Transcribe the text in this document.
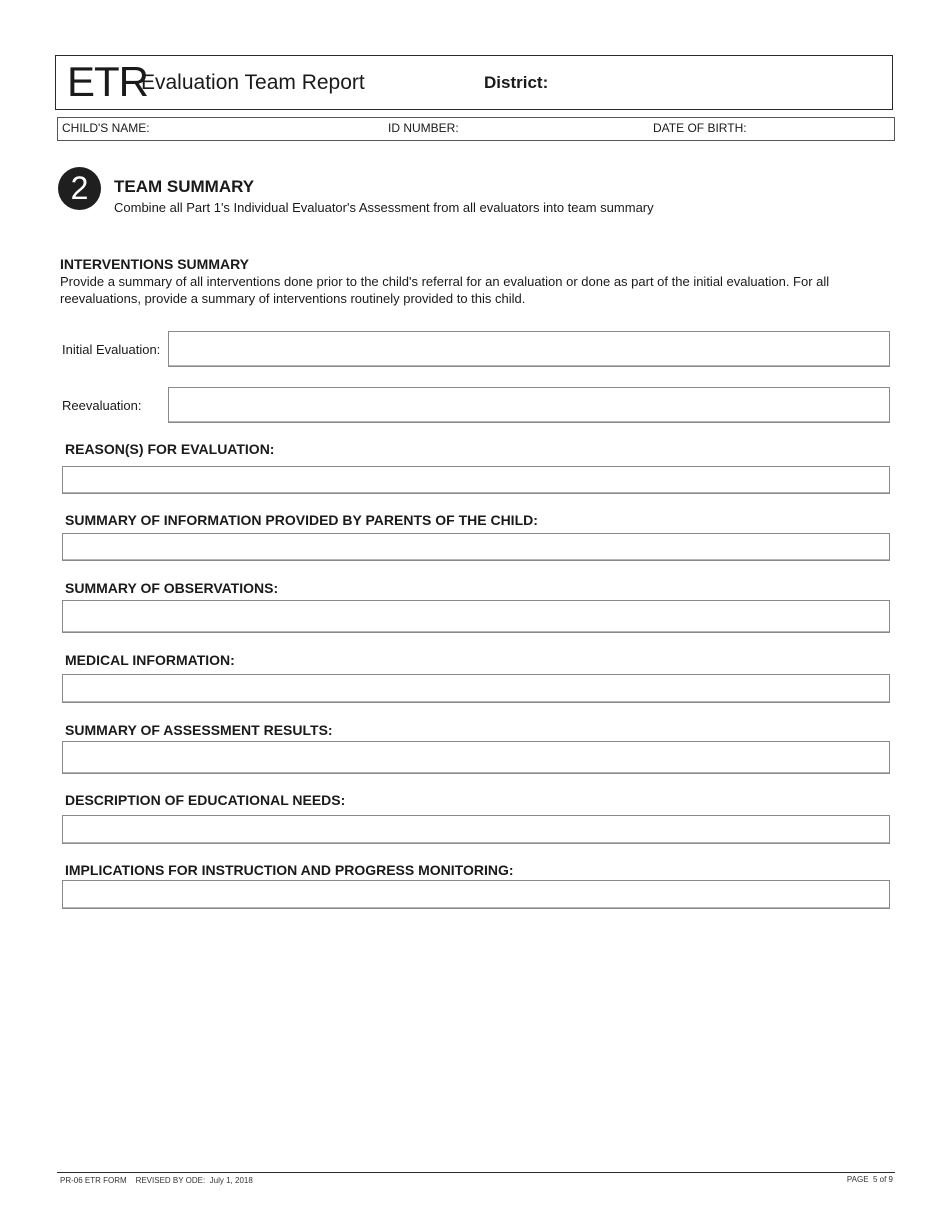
ETR
Evaluation Team Report	District:
CHILD'S NAME:	ID NUMBER:	DATE OF BIRTH:
2	TEAM SUMMARY
Combine all Part 1's Individual Evaluator's Assessment from all evaluators into team summary
INTERVENTIONS SUMMARY
Provide a summary of all interventions done prior to the child's referral for an evaluation or done as part of the initial evaluation. For all reevaluations, provide a summary of interventions routinely provided to this child.
Initial Evaluation:
Reevaluation:
REASON(S) FOR EVALUATION:
SUMMARY OF INFORMATION PROVIDED BY PARENTS OF THE CHILD:
SUMMARY OF OBSERVATIONS:
MEDICAL INFORMATION:
SUMMARY OF ASSESSMENT RESULTS:
DESCRIPTION OF EDUCATIONAL NEEDS:
IMPLICATIONS FOR INSTRUCTION AND PROGRESS MONITORING:
PR-06 ETR FORM    REVISED BY ODE:  July 1, 2018	PAGE  5 of 9
